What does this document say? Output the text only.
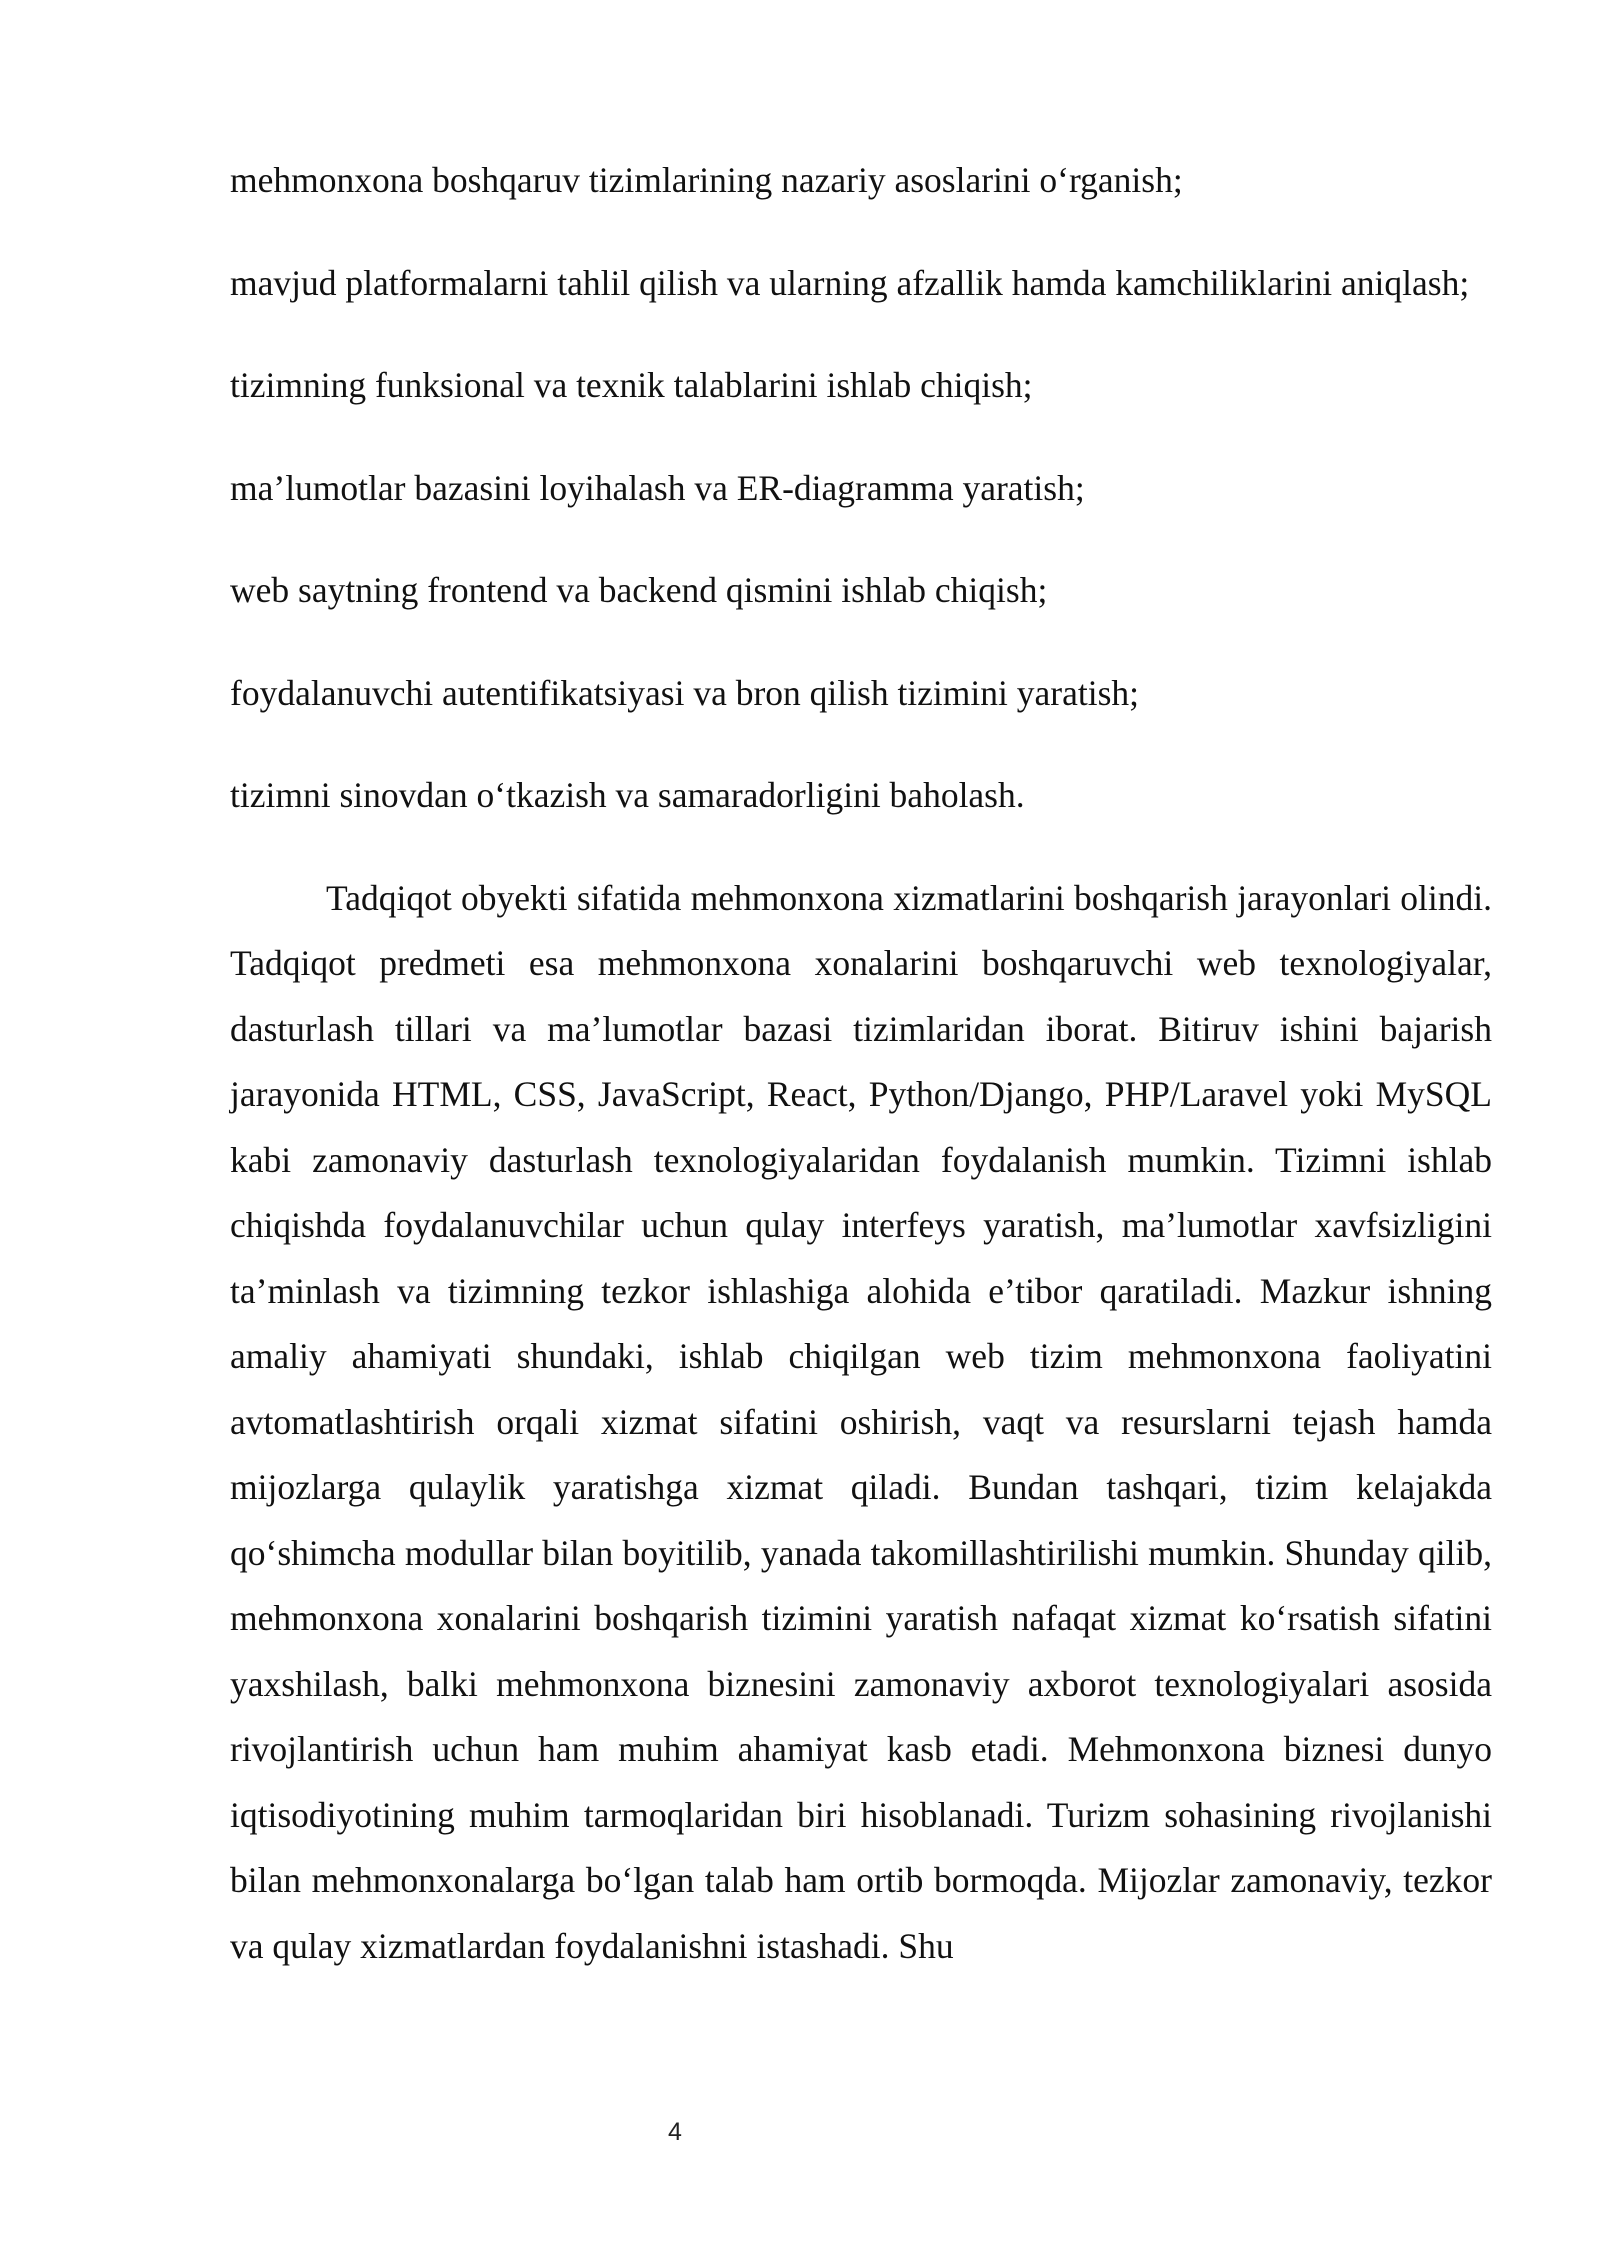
mehmonxona boshqaruv tizimlarining nazariy asoslarini o‘rganish;

mavjud platformalarni tahlil qilish va ularning afzallik hamda kamchiliklarini aniqlash;

tizimning funksional va texnik talablarini ishlab chiqish;

ma’lumotlar bazasini loyihalash va ER-diagramma yaratish;

web saytning frontend va backend qismini ishlab chiqish;

foydalanuvchi autentifikatsiyasi va bron qilish tizimini yaratish;

tizimni sinovdan o‘tkazish va samaradorligini baholash.

Tadqiqot obyekti sifatida mehmonxona xizmatlarini boshqarish jarayonlari olindi. Tadqiqot predmeti esa mehmonxona xonalarini boshqaruvchi web texnologiyalar, dasturlash tillari va ma’lumotlar bazasi tizimlaridan iborat. Bitiruv ishini bajarish jarayonida HTML, CSS, JavaScript, React, Python/Django, PHP/Laravel yoki MySQL kabi zamonaviy dasturlash texnologiyalaridan foydalanish mumkin. Tizimni ishlab chiqishda foydalanuvchilar uchun qulay interfeys yaratish, ma’lumotlar xavfsizligini ta’minlash va tizimning tezkor ishlashiga alohida e’tibor qaratiladi. Mazkur ishning amaliy ahamiyati shundaki, ishlab chiqilgan web tizim mehmonxona faoliyatini avtomatlashtirish orqali xizmat sifatini oshirish, vaqt va resurslarni tejash hamda mijozlarga qulaylik yaratishga xizmat qiladi. Bundan tashqari, tizim kelajakda qo‘shimcha modullar bilan boyitilib, yanada takomillashtirilishi mumkin. Shunday qilib, mehmonxona xonalarini boshqarish tizimini yaratish nafaqat xizmat ko‘rsatish sifatini yaxshilash, balki mehmonxona biznesini zamonaviy axborot texnologiyalari asosida rivojlantirish uchun ham muhim ahamiyat kasb etadi. Mehmonxona biznesi dunyo iqtisodiyotining muhim tarmoqlaridan biri hisoblanadi. Turizm sohasining rivojlanishi bilan mehmonxonalarga bo‘lgan talab ham ortib bormoqda. Mijozlar zamonaviy, tezkor va qulay xizmatlardan foydalanishni istashadi. Shu

4
